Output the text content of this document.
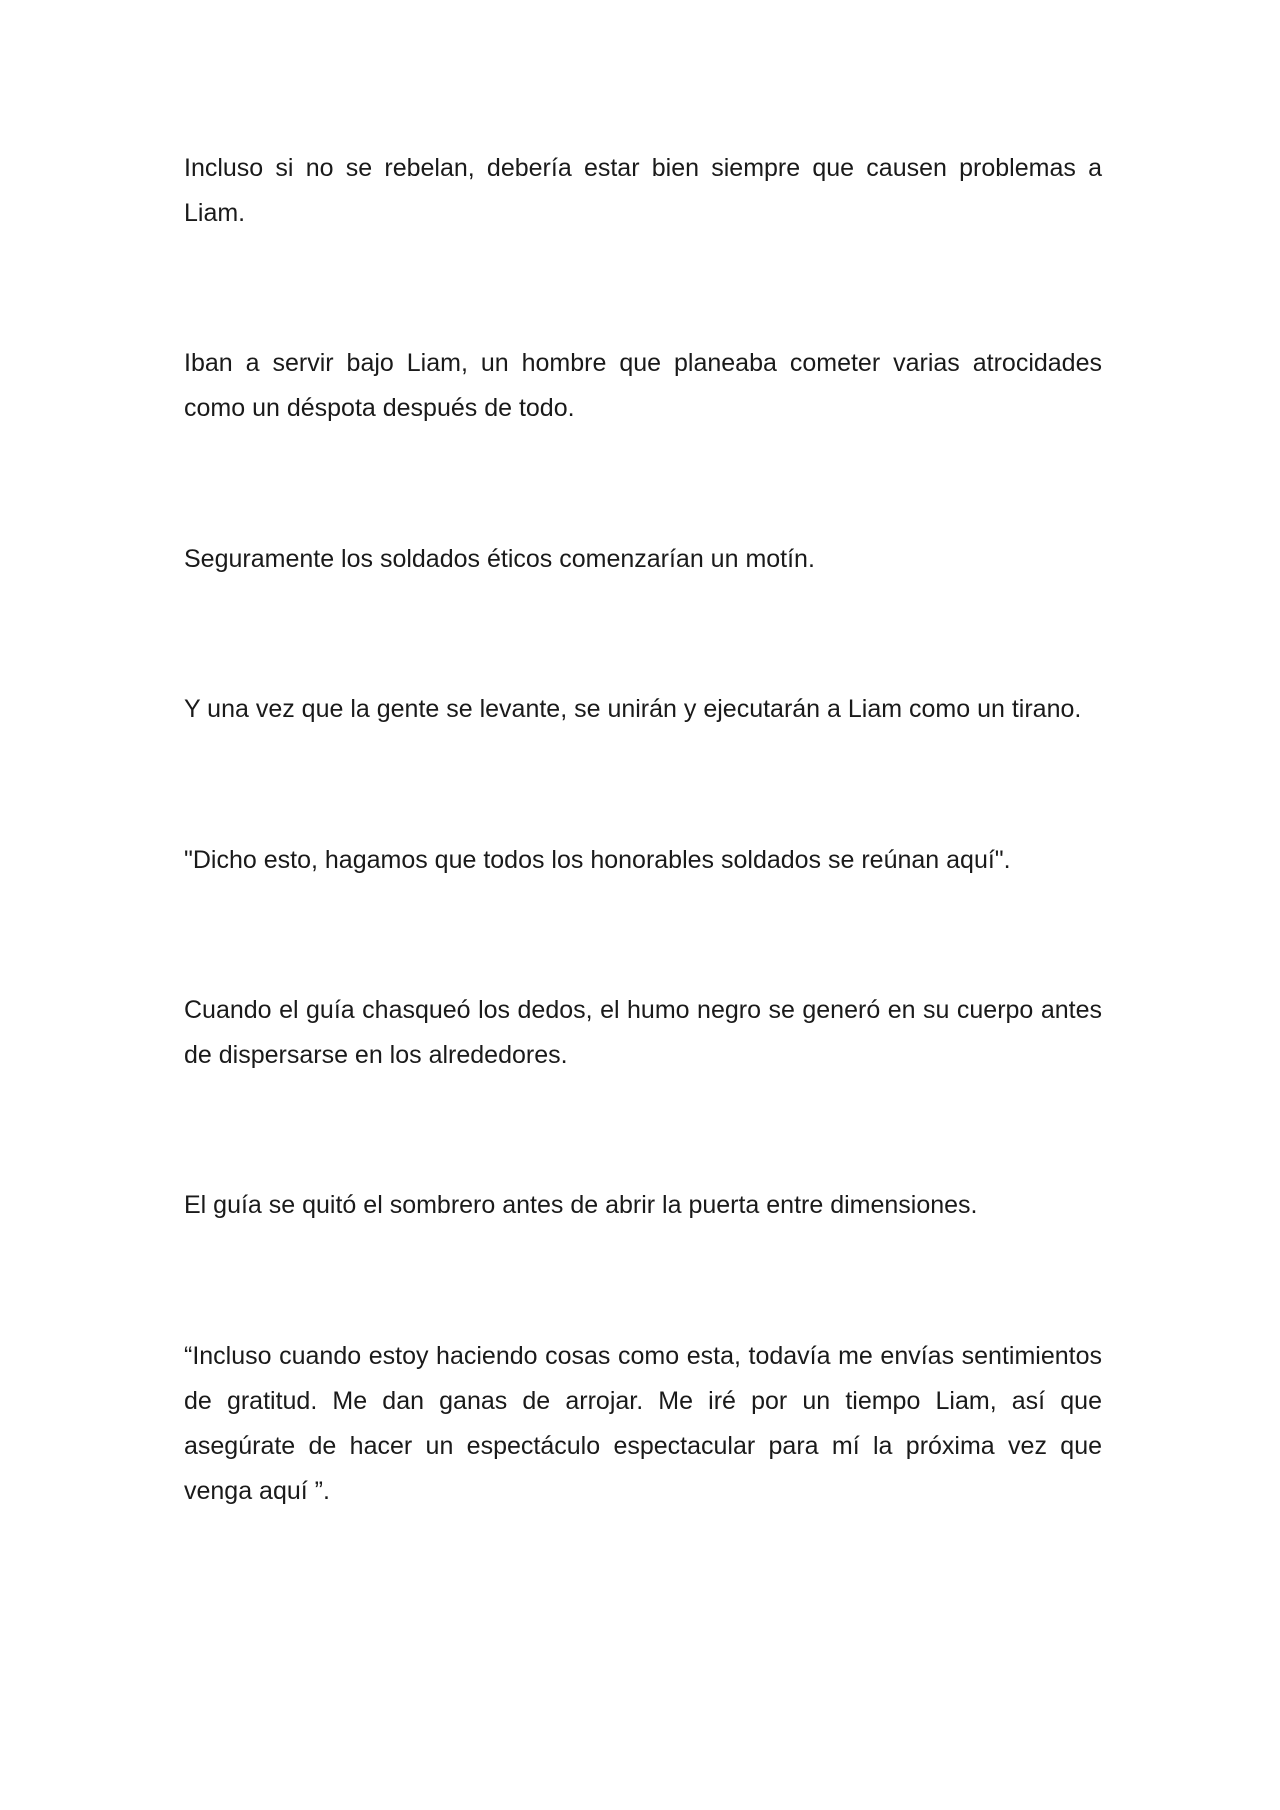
Incluso si no se rebelan, debería estar bien siempre que causen problemas a Liam.

Iban a servir bajo Liam, un hombre que planeaba cometer varias atrocidades como un déspota después de todo.

Seguramente los soldados éticos comenzarían un motín.

Y una vez que la gente se levante, se unirán y ejecutarán a Liam como un tirano.

"Dicho esto, hagamos que todos los honorables soldados se reúnan aquí".

Cuando el guía chasqueó los dedos, el humo negro se generó en su cuerpo antes de dispersarse en los alrededores.

El guía se quitó el sombrero antes de abrir la puerta entre dimensiones.

“Incluso cuando estoy haciendo cosas como esta, todavía me envías sentimientos de gratitud. Me dan ganas de arrojar. Me iré por un tiempo Liam, así que asegúrate de hacer un espectáculo espectacular para mí la próxima vez que venga aquí ”.
